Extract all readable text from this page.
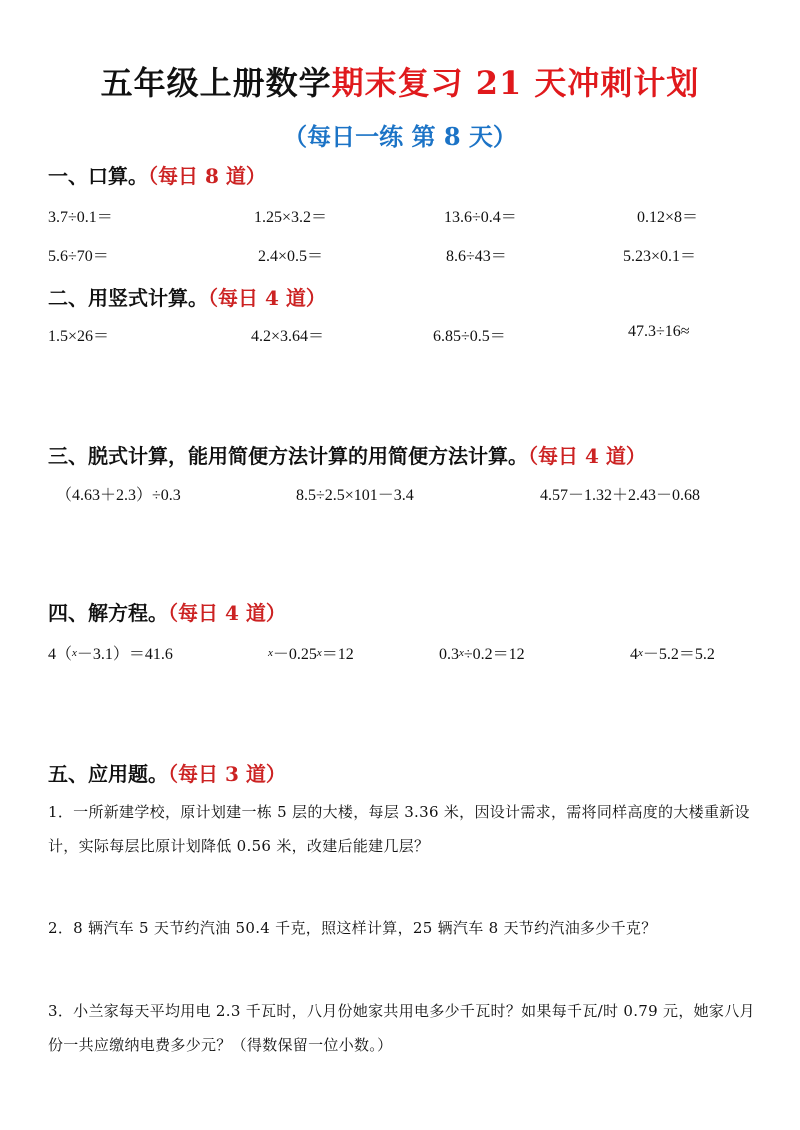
五年级上册数学期末复习 21 天冲刺计划
（每日一练 第 8 天）
一、口算。（每日 8 道）
3.7÷0.1＝	1.25×3.2＝	13.6÷0.4＝	0.12×8＝
5.6÷70＝	2.4×0.5＝	8.6÷43＝	5.23×0.1＝
二、用竖式计算。（每日 4 道）
1.5×26＝	4.2×3.64＝	6.85÷0.5＝	47.3÷16≈
三、脱式计算，能用简便方法计算的用简便方法计算。（每日 4 道）
（4.63＋2.3）÷0.3	8.5÷2.5×101－3.4	4.57－1.32＋2.43－0.68
四、解方程。（每日 4 道）
4（x－3.1）＝41.6	x－0.25x＝12	0.3x÷0.2＝12	4x－5.2＝5.2
五、应用题。（每日 3 道）
1．一所新建学校，原计划建一栋 5 层的大楼，每层 3.36 米，因设计需求，需将同样高度的大楼重新设计，实际每层比原计划降低 0.56 米，改建后能建几层？
2．8 辆汽车 5 天节约汽油 50.4 千克，照这样计算，25 辆汽车 8 天节约汽油多少千克？
3．小兰家每天平均用电 2.3 千瓦时，八月份她家共用电多少千瓦时？如果每千瓦/时 0.79 元，她家八月份一共应缴纳电费多少元？（得数保留一位小数。）
